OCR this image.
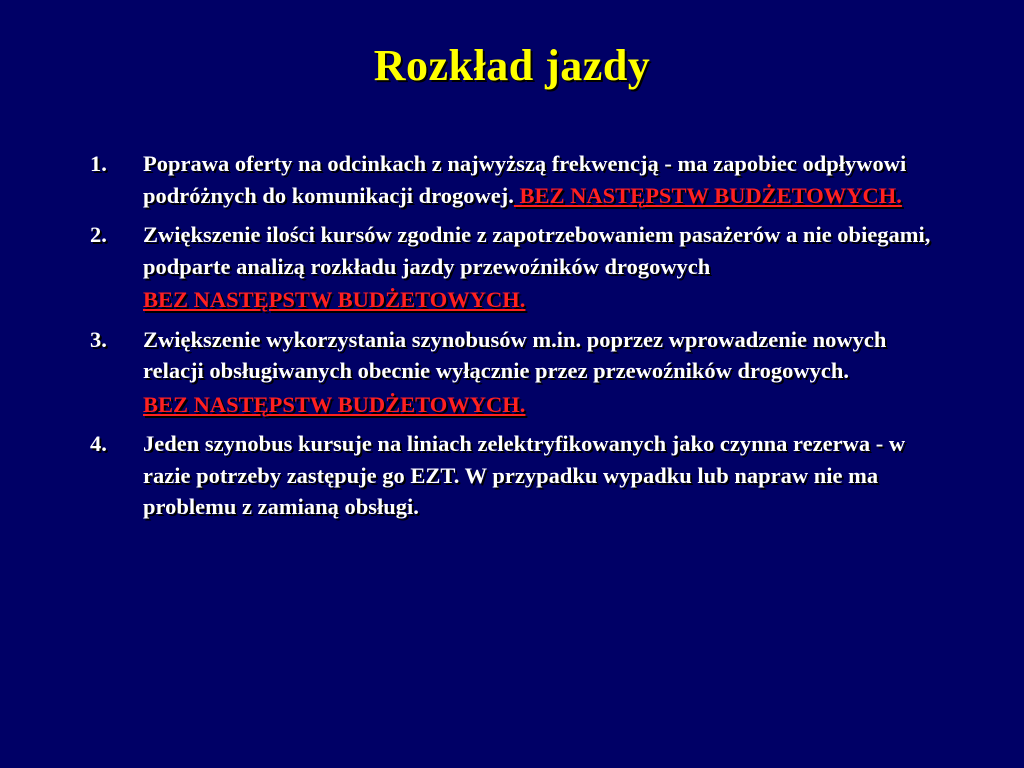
Rozkład jazdy
1. Poprawa oferty na odcinkach z najwyższą frekwencją - ma zapobiec odpływowi podróżnych do komunikacji drogowej. BEZ NASTĘPSTW BUDŻETOWYCH.
2. Zwiększenie ilości kursów zgodnie z zapotrzebowaniem pasażerów a nie obiegami, podparte analizą rozkładu jazdy przewoźników drogowych
BEZ NASTĘPSTW BUDŻETOWYCH.
3. Zwiększenie wykorzystania szynobusów m.in. poprzez wprowadzenie nowych relacji obsługiwanych obecnie wyłącznie przez przewoźników drogowych.
BEZ NASTĘPSTW BUDŻETOWYCH.
4. Jeden szynobus kursuje na liniach zelektryfikowanych jako czynna rezerwa - w razie potrzeby zastępuje go EZT. W przypadku wypadku lub napraw nie ma problemu z zamianą obsługi.
